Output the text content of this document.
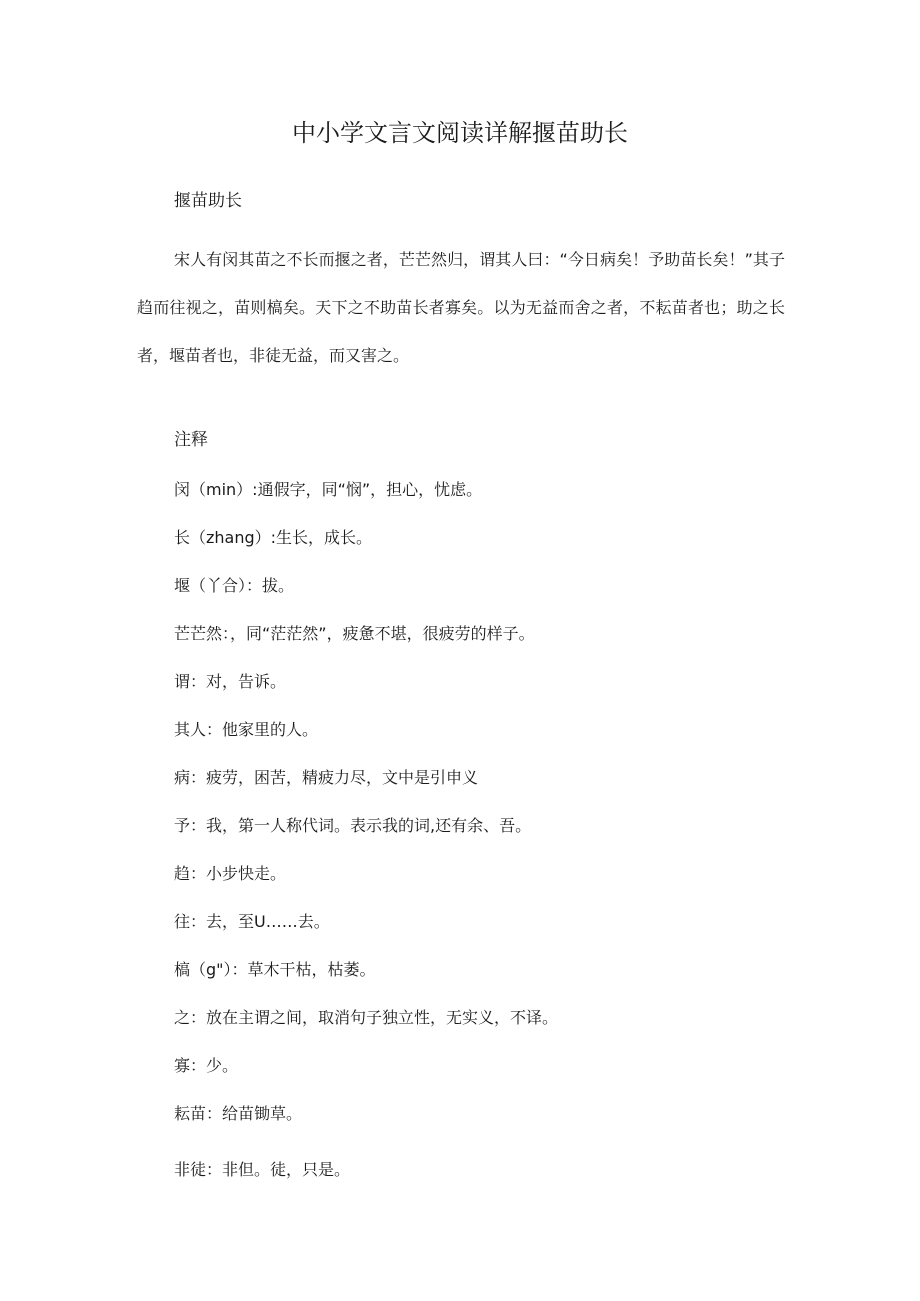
中小学文言文阅读详解揠苗助长
揠苗助长

宋人有闵其苗之不长而揠之者，芒芒然归，谓其人曰：“今日病矣！予助苗长矣！”其子趋而往视之，苗则槁矣。天下之不助苗长者寡矣。以为无益而舍之者，不耘苗者也；助之长者，堰苗者也，非徒无益，而又害之。

注释

闵（min）:通假字，同“悯”，担心，忧虑。

长（zhang）:生长，成长。

堰（丫合）：拔。

芒芒然：，同“茫茫然”，疲惫不堪，很疲劳的样子。

谓：对，告诉。

其人：他家里的人。

病：疲劳，困苦，精疲力尽，文中是引申义

予：我，第一人称代词。表示我的词,还有余、吾。

趋：小步快走。

往：去，至U……去。

槁（g"）：草木干枯，枯萎。

之：放在主谓之间，取消句子独立性，无实义，不译。

寡：少。

耘苗：给苗锄草。

非徒：非但。徒，只是。
